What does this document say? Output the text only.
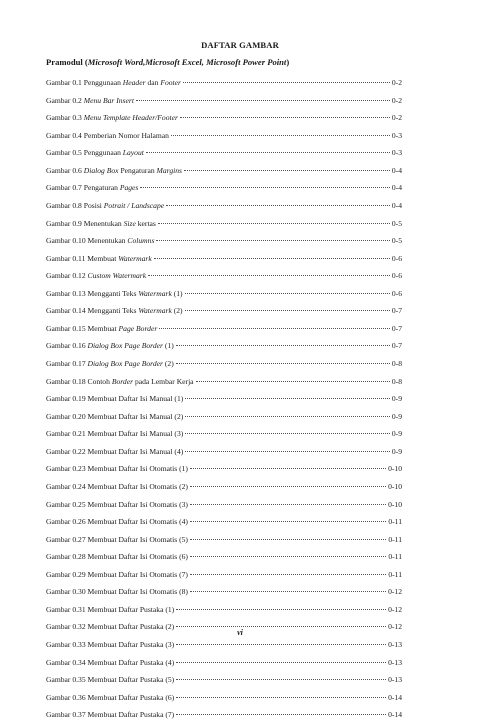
DAFTAR GAMBAR
Pramodul (Microsoft Word,Microsoft Excel, Microsoft Power Point)
Gambar 0.1 Penggunaan Header dan Footer	0-2
Gambar 0.2 Menu Bar Insert	0-2
Gambar 0.3 Menu Template Header/Footer	0-2
Gambar 0.4 Pemberian Nomor Halaman	0-3
Gambar 0.5 Penggunaan Layout	0-3
Gambar 0.6 Dialog Box Pengaturan Margins	0-4
Gambar 0.7 Pengaturan Pages	0-4
Gambar 0.8 Posisi Potrait / Landscape	0-4
Gambar 0.9 Menentukan Size kertas	0-5
Gambar 0.10 Menentukan Columns	0-5
Gambar 0.11 Membuat Watermark	0-6
Gambar 0.12 Custom Watermark	0-6
Gambar 0.13 Mengganti Teks Watermark (1)	0-6
Gambar 0.14 Mengganti Teks Watermark (2)	0-7
Gambar 0.15 Membuat Page Border	0-7
Gambar 0.16 Dialog Box Page Border (1)	0-7
Gambar 0.17 Dialog Box Page Border (2)	0-8
Gambar 0.18 Contoh Border pada Lembar Kerja	0-8
Gambar 0.19 Membuat Daftar Isi Manual (1)	0-9
Gambar 0.20 Membuat Daftar Isi Manual (2)	0-9
Gambar 0.21 Membuat Daftar Isi Manual (3)	0-9
Gambar 0.22 Membuat Daftar Isi Manual (4)	0-9
Gambar 0.23 Membuat Daftar Isi Otomatis (1)	0-10
Gambar 0.24 Membuat Daftar Isi Otomatis (2)	0-10
Gambar 0.25 Membuat Daftar Isi Otomatis (3)	0-10
Gambar 0.26 Membuat Daftar Isi Otomatis (4)	0-11
Gambar 0.27 Membuat Daftar Isi Otomatis (5)	0-11
Gambar 0.28 Membuat Daftar Isi Otomatis (6)	0-11
Gambar 0.29 Membuat Daftar Isi Otomatis (7)	0-11
Gambar 0.30 Membuat Daftar Isi Otomatis (8)	0-12
Gambar 0.31 Membuat Daftar Pustaka (1)	0-12
Gambar 0.32 Membuat Daftar Pustaka (2)	0-12
Gambar 0.33 Membuat Daftar Pustaka (3)	0-13
Gambar 0.34 Membuat Daftar Pustaka (4)	0-13
Gambar 0.35 Membuat Daftar Pustaka (5)	0-13
Gambar 0.36 Membuat Daftar Pustaka (6)	0-14
Gambar 0.37 Membuat Daftar Pustaka (7)	0-14
vi
